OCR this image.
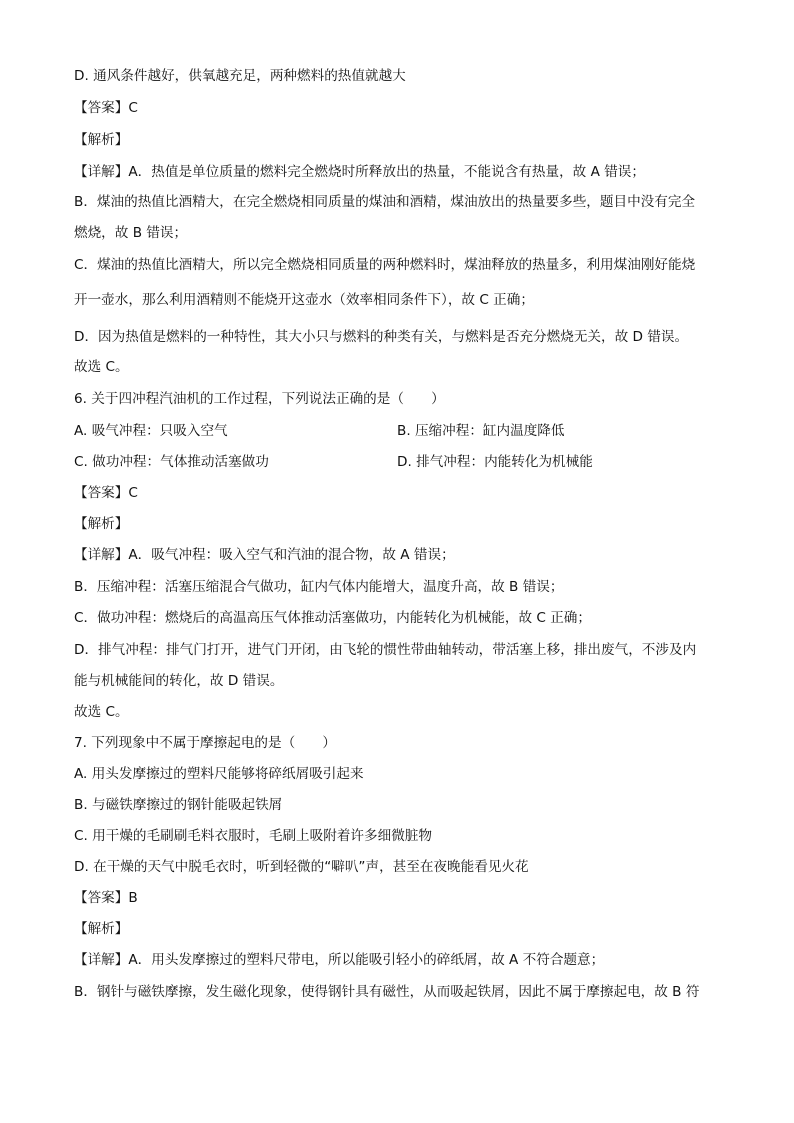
D. 通风条件越好，供氧越充足，两种燃料的热值就越大
【答案】C
【解析】
【详解】A．热值是单位质量的燃料完全燃烧时所释放出的热量，不能说含有热量，故 A 错误；
B．煤油的热值比酒精大，在完全燃烧相同质量的煤油和酒精，煤油放出的热量要多些，题目中没有完全
燃烧，故 B 错误；
C．煤油的热值比酒精大，所以完全燃烧相同质量的两种燃料时，煤油释放的热量多，利用煤油刚好能烧
开一壶水，那么利用酒精则不能烧开这壶水（效率相同条件下），故 C 正确；
D．因为热值是燃料的一种特性，其大小只与燃料的种类有关，与燃料是否充分燃烧无关，故 D 错误。
故选 C。
6. 关于四冲程汽油机的工作过程，下列说法正确的是（　　）
A. 吸气冲程：只吸入空气	B. 压缩冲程：缸内温度降低
C. 做功冲程：气体推动活塞做功	D. 排气冲程：内能转化为机械能
【答案】C
【解析】
【详解】A．吸气冲程：吸入空气和汽油的混合物，故 A 错误；
B．压缩冲程：活塞压缩混合气做功，缸内气体内能增大，温度升高，故 B 错误；
C．做功冲程：燃烧后的高温高压气体推动活塞做功，内能转化为机械能，故 C 正确；
D．排气冲程：排气门打开，进气门开闭，由飞轮的惯性带曲轴转动，带活塞上移，排出废气，不涉及内
能与机械能间的转化，故 D 错误。
故选 C。
7. 下列现象中不属于摩擦起电的是（　　）
A. 用头发摩擦过的塑料尺能够将碎纸屑吸引起来
B. 与磁铁摩擦过的钢针能吸起铁屑
C. 用干燥的毛刷刷毛料衣服时，毛刷上吸附着许多细微脏物
D. 在干燥的天气中脱毛衣时，听到轻微的“噼叭”声，甚至在夜晚能看见火花
【答案】B
【解析】
【详解】A．用头发摩擦过的塑料尺带电，所以能吸引轻小的碎纸屑，故 A 不符合题意；
B．钢针与磁铁摩擦，发生磁化现象，使得钢针具有磁性，从而吸起铁屑，因此不属于摩擦起电，故 B 符
